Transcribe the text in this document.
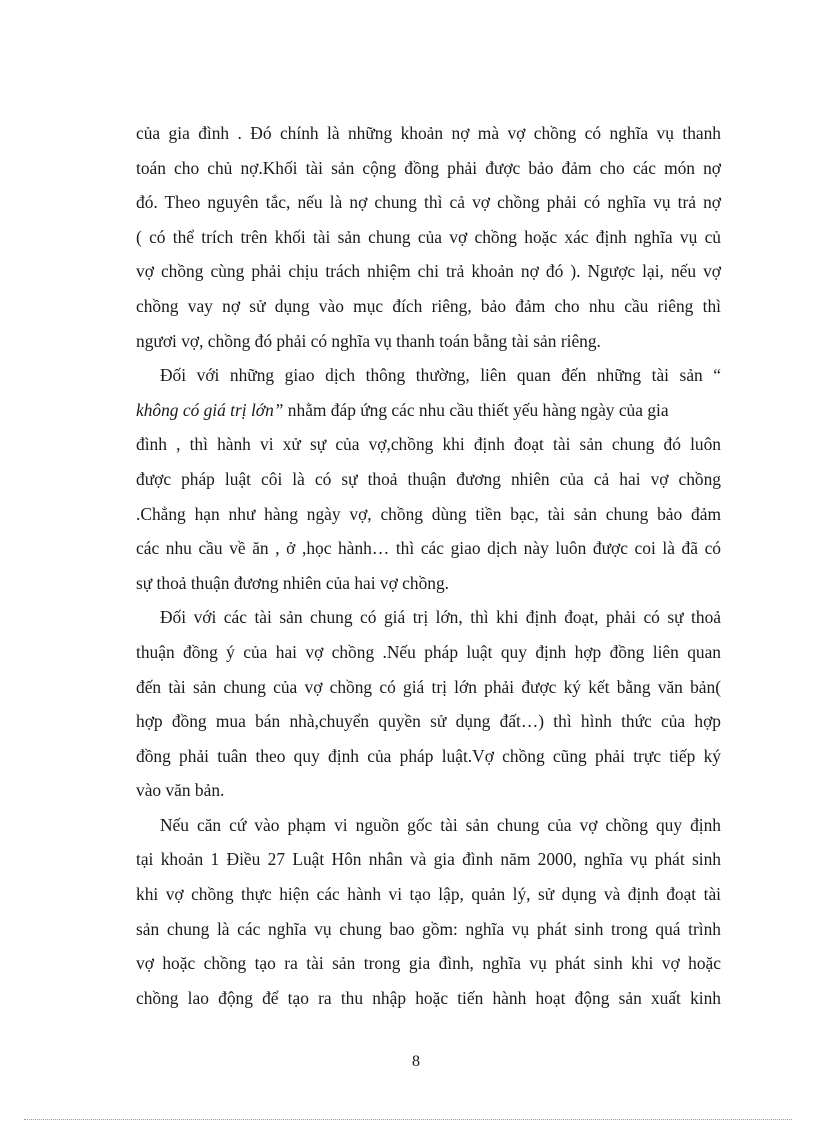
của gia đình . Đó chính là những khoản nợ mà vợ chồng có nghĩa vụ thanh
toán cho chủ nợ.Khối tài sản cộng đồng phải được bảo đảm cho các món nợ
đó. Theo nguyên tắc, nếu là nợ chung thì cả vợ chồng phải có nghĩa vụ trả nợ
( có thể trích trên khối tài sản chung của vợ chồng hoặc xác định nghĩa vụ củ
vợ chồng cùng phải chịu trách nhiệm chi trả khoản nợ đó ). Ngược lại, nếu vợ
chồng vay nợ sử dụng vào mục đích riêng, bảo đảm cho nhu cầu riêng thì
ngươi vợ, chồng đó phải có nghĩa vụ thanh toán bằng tài sản riêng.
Đối với những giao dịch thông thường, liên quan đến những tài sản “
không có giá trị lớn” nhằm đáp ứng các nhu cầu thiết yếu hàng ngày của gia
đình , thì hành vi xử sự của vợ,chồng khi định đoạt tài sản chung đó luôn
được pháp luật côi là có sự thoả thuận đương nhiên của cả hai vợ chồng
.Chẳng hạn như hàng ngày vợ, chồng dùng tiền bạc, tài sản chung bảo đảm
các nhu cầu về ăn , ở ,học hành… thì các giao dịch này luôn được coi là đã có
sự thoả thuận đương nhiên của hai vợ chồng.
Đối với các tài sản chung có giá trị lớn, thì khi định đoạt, phải có sự thoả
thuận đồng ý của hai vợ chồng .Nếu pháp luật quy định hợp đồng liên quan
đến tài sản chung của vợ chồng có giá trị lớn phải được ký kết bằng văn bản(
hợp đồng mua bán nhà,chuyển quyền sử dụng đất…) thì hình thức của hợp
đồng phải tuân theo quy định của pháp luật.Vợ chồng cũng phải trực tiếp ký
vào văn bản.
Nếu căn cứ vào phạm vi nguồn gốc tài sản chung của vợ chồng quy định
tại khoản 1 Điều 27 Luật Hôn nhân và gia đình năm 2000, nghĩa vụ phát sinh
khi vợ chồng thực hiện các hành vi tạo lập, quản lý, sử dụng và định đoạt tài
sản chung là các nghĩa vụ chung bao gồm: nghĩa vụ phát sinh trong quá trình
vợ hoặc chồng tạo ra tài sản trong gia đình, nghĩa vụ phát sinh khi vợ hoặc
chồng lao động để tạo ra thu nhập hoặc tiến hành hoạt động sản xuất kinh
8
